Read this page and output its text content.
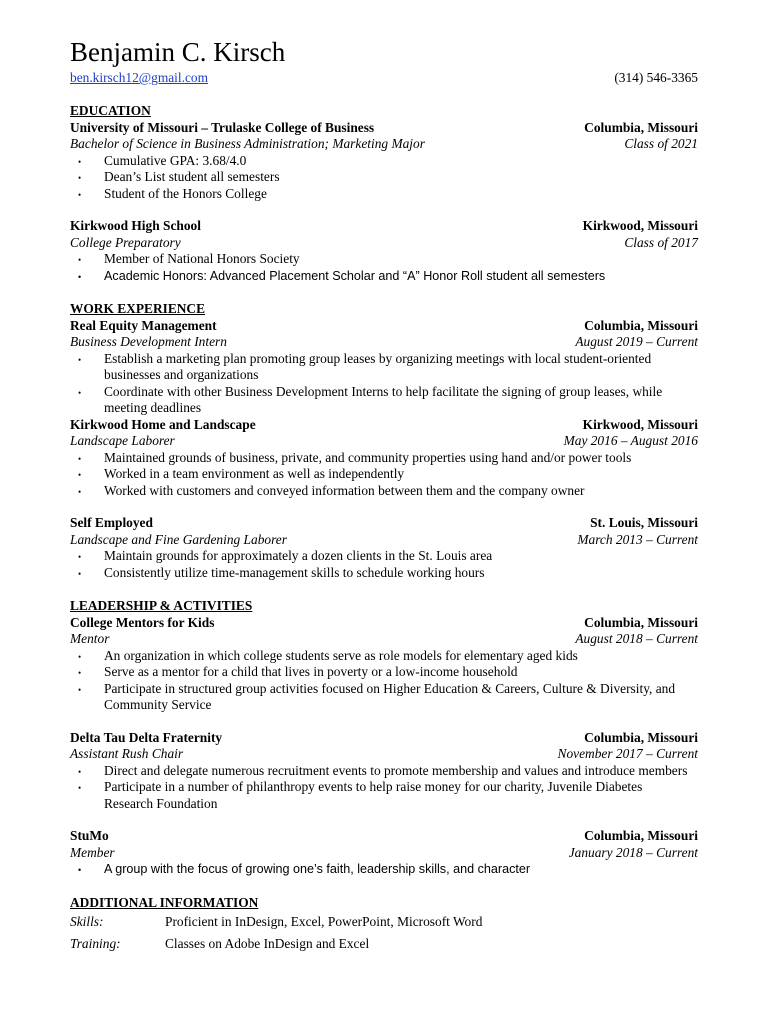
Benjamin C. Kirsch
ben.kirsch12@gmail.com	(314) 546-3365
EDUCATION
University of Missouri – Trulaske College of Business	Columbia, Missouri
Bachelor of Science in Business Administration; Marketing Major	Class of 2021
• Cumulative GPA: 3.68/4.0
• Dean’s List student all semesters
• Student of the Honors College
Kirkwood High School	Kirkwood, Missouri
College Preparatory	Class of 2017
• Member of National Honors Society
• Academic Honors: Advanced Placement Scholar and “A” Honor Roll student all semesters
WORK EXPERIENCE
Real Equity Management	Columbia, Missouri
Business Development Intern	August 2019 – Current
• Establish a marketing plan promoting group leases by organizing meetings with local student-oriented businesses and organizations
• Coordinate with other Business Development Interns to help facilitate the signing of group leases, while meeting deadlines
Kirkwood Home and Landscape	Kirkwood, Missouri
Landscape Laborer	May 2016 – August 2016
• Maintained grounds of business, private, and community properties using hand and/or power tools
• Worked in a team environment as well as independently
• Worked with customers and conveyed information between them and the company owner
Self Employed	St. Louis, Missouri
Landscape and Fine Gardening Laborer	March 2013 – Current
• Maintain grounds for approximately a dozen clients in the St. Louis area
• Consistently utilize time-management skills to schedule working hours
LEADERSHIP & ACTIVITIES
College Mentors for Kids	Columbia, Missouri
Mentor	August 2018 – Current
• An organization in which college students serve as role models for elementary aged kids
• Serve as a mentor for a child that lives in poverty or a low-income household
• Participate in structured group activities focused on Higher Education & Careers, Culture & Diversity, and Community Service
Delta Tau Delta Fraternity	Columbia, Missouri
Assistant Rush Chair	November 2017 – Current
• Direct and delegate numerous recruitment events to promote membership and values and introduce members
• Participate in a number of philanthropy events to help raise money for our charity, Juvenile Diabetes Research Foundation
StuMo	Columbia, Missouri
Member	January 2018 – Current
• A group with the focus of growing one’s faith, leadership skills, and character
ADDITIONAL INFORMATION
Skills:	Proficient in InDesign, Excel, PowerPoint, Microsoft Word
Training:	Classes on Adobe InDesign and Excel
